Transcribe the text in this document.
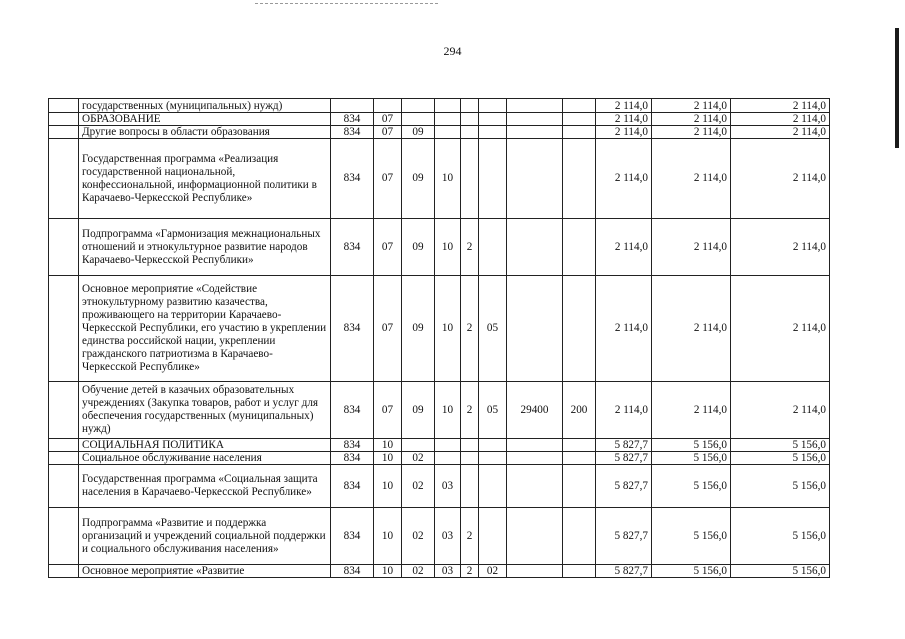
294
	государственных (муниципальных) нужд)									2 114,0	2 114,0	2 114,0
	ОБРАЗОВАНИЕ	834	07							2 114,0	2 114,0	2 114,0
	Другие вопросы в области образования	834	07	09						2 114,0	2 114,0	2 114,0
	Государственная программа «Реализация государственной национальной, конфессиональной, информационной политики в Карачаево-Черкесской Республике»	834	07	09	10					2 114,0	2 114,0	2 114,0
	Подпрограмма «Гармонизация межнациональных отношений и этнокультурное развитие народов Карачаево-Черкесской Республики»	834	07	09	10	2				2 114,0	2 114,0	2 114,0
	Основное мероприятие «Содействие этнокультурному развитию казачества, проживающего на территории Карачаево-Черкесской Республики, его участию в укреплении единства российской нации, укреплении гражданского патриотизма в Карачаево-Черкесской Республике»	834	07	09	10	2	05			2 114,0	2 114,0	2 114,0
	Обучение детей в казачьих образовательных учреждениях (Закупка товаров, работ и услуг для обеспечения государственных (муниципальных) нужд)	834	07	09	10	2	05	29400	200	2 114,0	2 114,0	2 114,0
	СОЦИАЛЬНАЯ ПОЛИТИКА	834	10							5 827,7	5 156,0	5 156,0
	Социальное обслуживание населения	834	10	02						5 827,7	5 156,0	5 156,0
	Государственная программа «Социальная защита населения в Карачаево-Черкесской Республике»	834	10	02	03					5 827,7	5 156,0	5 156,0
	Подпрограмма «Развитие и поддержка организаций и учреждений социальной поддержки и социального обслуживания населения»	834	10	02	03	2				5 827,7	5 156,0	5 156,0
	Основное мероприятие «Развитие	834	10	02	03	2	02			5 827,7	5 156,0	5 156,0
